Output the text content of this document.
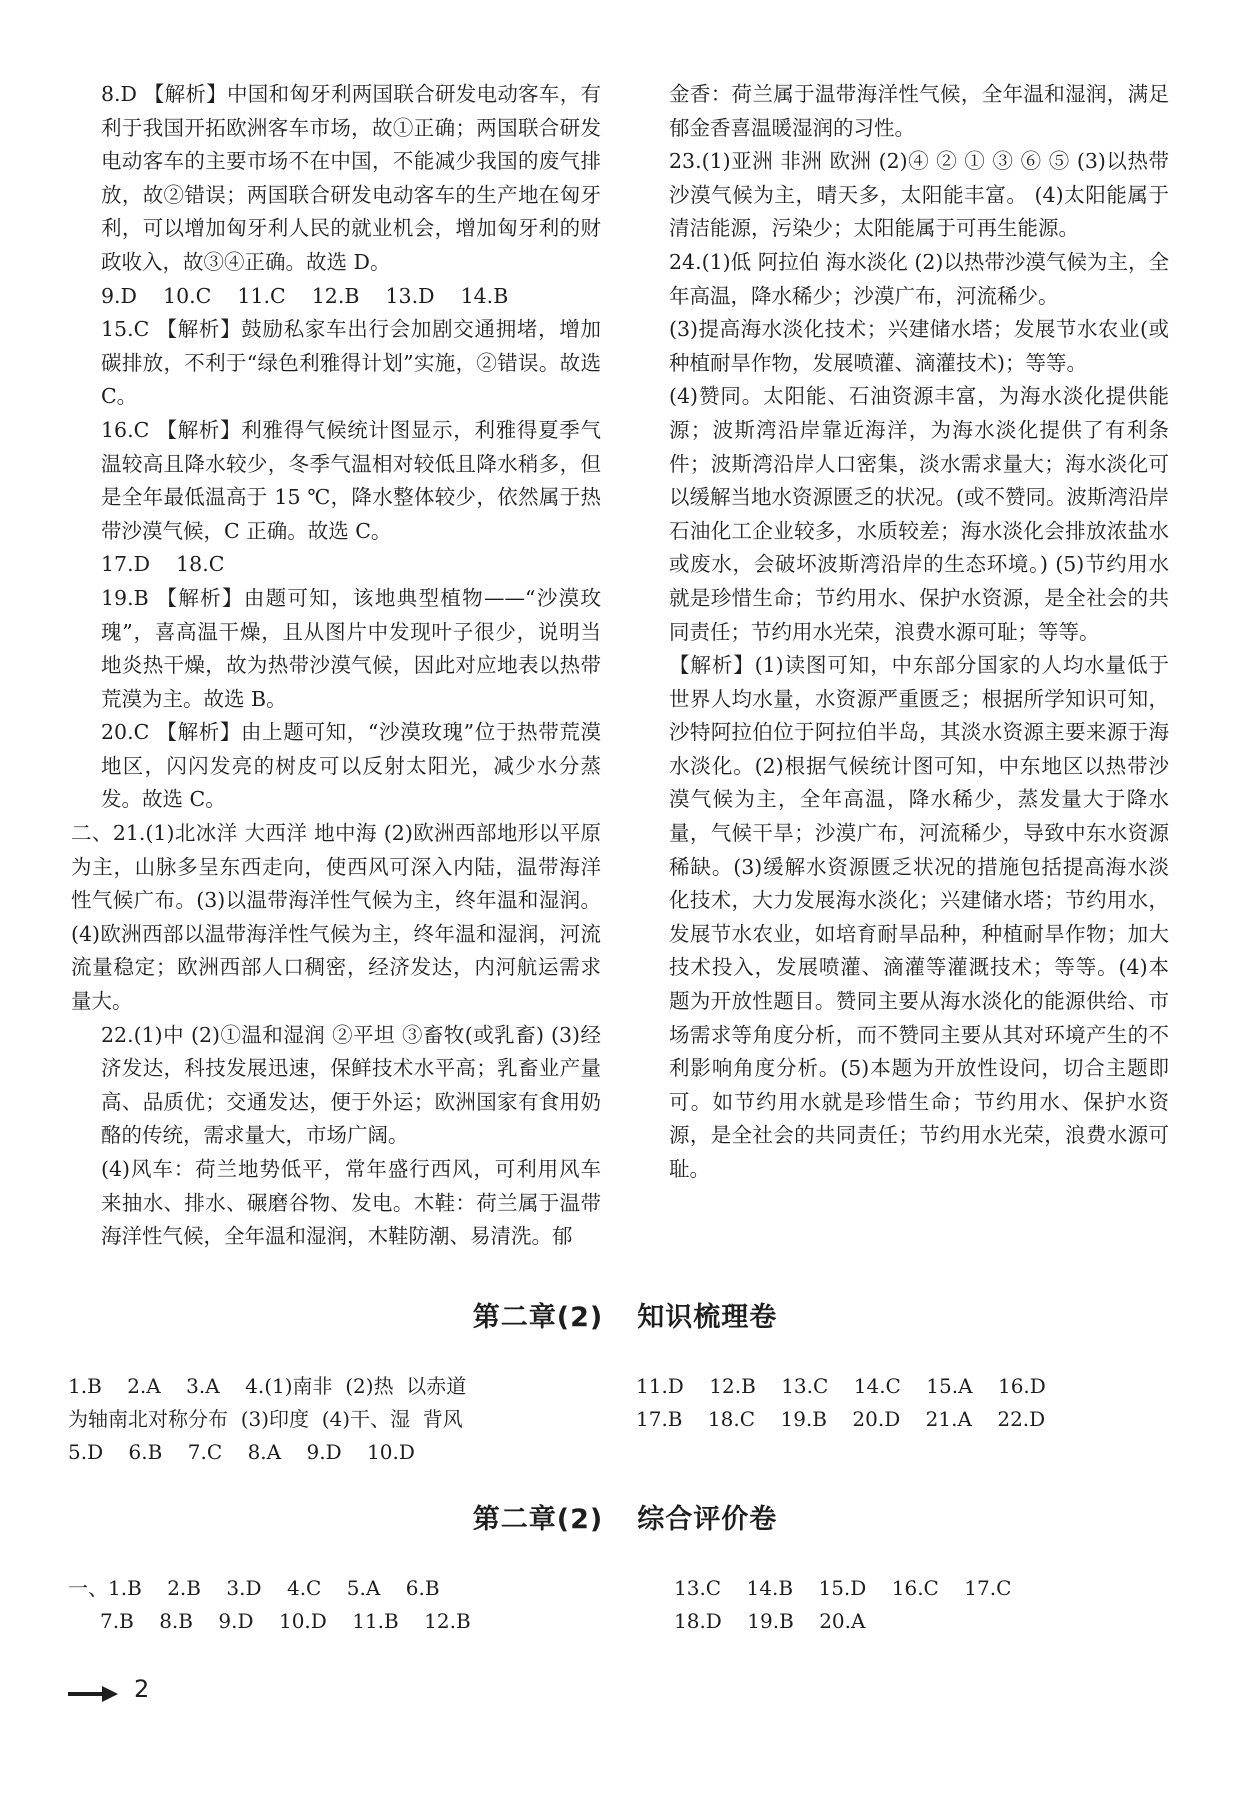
8.D 【解析】中国和匈牙利两国联合研发电动客车，有利于我国开拓欧洲客车市场，故①正确；两国联合研发电动客车的主要市场不在中国，不能减少我国的废气排放，故②错误；两国联合研发电动客车的生产地在匈牙利，可以增加匈牙利人民的就业机会，增加匈牙利的财政收入，故③④正确。故选 D。

9.D    10.C    11.C    12.B    13.D    14.B

15.C 【解析】鼓励私家车出行会加剧交通拥堵，增加碳排放，不利于“绿色利雅得计划”实施，②错误。故选 C。

16.C 【解析】利雅得气候统计图显示，利雅得夏季气温较高且降水较少，冬季气温相对较低且降水稍多，但是全年最低温高于 15 ℃，降水整体较少，依然属于热带沙漠气候，C 正确。故选 C。

17.D    18.C

19.B 【解析】由题可知，该地典型植物——“沙漠玫瑰”，喜高温干燥，且从图片中发现叶子很少，说明当地炎热干燥，故为热带沙漠气候，因此对应地表以热带荒漠为主。故选 B。

20.C 【解析】由上题可知，“沙漠玫瑰”位于热带荒漠地区，闪闪发亮的树皮可以反射太阳光，减少水分蒸发。故选 C。

二、21.(1)北冰洋 大西洋 地中海 (2)欧洲西部地形以平原为主，山脉多呈东西走向，使西风可深入内陆，温带海洋性气候广布。(3)以温带海洋性气候为主，终年温和湿润。 (4)欧洲西部以温带海洋性气候为主，终年温和湿润，河流流量稳定；欧洲西部人口稠密，经济发达，内河航运需求量大。

22.(1)中 (2)①温和湿润 ②平坦 ③畜牧(或乳畜) (3)经济发达，科技发展迅速，保鲜技术水平高；乳畜业产量高、品质优；交通发达，便于外运；欧洲国家有食用奶酪的传统，需求量大，市场广阔。

(4)风车：荷兰地势低平，常年盛行西风，可利用风车来抽水、排水、碾磨谷物、发电。木鞋：荷兰属于温带海洋性气候，全年温和湿润，木鞋防潮、易清洗。郁

金香：荷兰属于温带海洋性气候，全年温和湿润，满足郁金香喜温暖湿润的习性。

23.(1)亚洲 非洲 欧洲 (2)④ ② ① ③ ⑥ ⑤ (3)以热带沙漠气候为主，晴天多，太阳能丰富。 (4)太阳能属于清洁能源，污染少；太阳能属于可再生能源。

24.(1)低 阿拉伯 海水淡化 (2)以热带沙漠气候为主，全年高温，降水稀少；沙漠广布，河流稀少。

(3)提高海水淡化技术；兴建储水塔；发展节水农业(或种植耐旱作物，发展喷灌、滴灌技术)；等等。

(4)赞同。太阳能、石油资源丰富，为海水淡化提供能源；波斯湾沿岸靠近海洋，为海水淡化提供了有利条件；波斯湾沿岸人口密集，淡水需求量大；海水淡化可以缓解当地水资源匮乏的状况。(或不赞同。波斯湾沿岸石油化工企业较多，水质较差；海水淡化会排放浓盐水或废水，会破坏波斯湾沿岸的生态环境。) (5)节约用水就是珍惜生命；节约用水、保护水资源，是全社会的共同责任；节约用水光荣，浪费水源可耻；等等。

【解析】(1)读图可知，中东部分国家的人均水量低于世界人均水量，水资源严重匮乏；根据所学知识可知，沙特阿拉伯位于阿拉伯半岛，其淡水资源主要来源于海水淡化。(2)根据气候统计图可知，中东地区以热带沙漠气候为主，全年高温，降水稀少，蒸发量大于降水量，气候干旱；沙漠广布，河流稀少，导致中东水资源稀缺。(3)缓解水资源匮乏状况的措施包括提高海水淡化技术，大力发展海水淡化；兴建储水塔；节约用水，发展节水农业，如培育耐旱品种，种植耐旱作物；加大技术投入，发展喷灌、滴灌等灌溉技术；等等。(4)本题为开放性题目。赞同主要从海水淡化的能源供给、市场需求等角度分析，而不赞同主要从其对环境产生的不利影响角度分析。(5)本题为开放性设问，切合主题即可。如节约用水就是珍惜生命；节约用水、保护水资源，是全社会的共同责任；节约用水光荣，浪费水源可耻。

第二章(2) 知识梳理卷

1.B    2.A    3.A    4.(1)南非  (2)热  以赤道

为轴南北对称分布  (3)印度  (4)干、湿  背风

5.D    6.B    7.C    8.A    9.D    10.D

11.D    12.B    13.C    14.C    15.A    16.D

17.B    18.C    19.B    20.D    21.A    22.D

第二章(2) 综合评价卷

一、1.B    2.B    3.D    4.C    5.A    6.B

7.B    8.B    9.D    10.D    11.B    12.B

13.C    14.B    15.D    16.C    17.C

18.D    19.B    20.A

2
